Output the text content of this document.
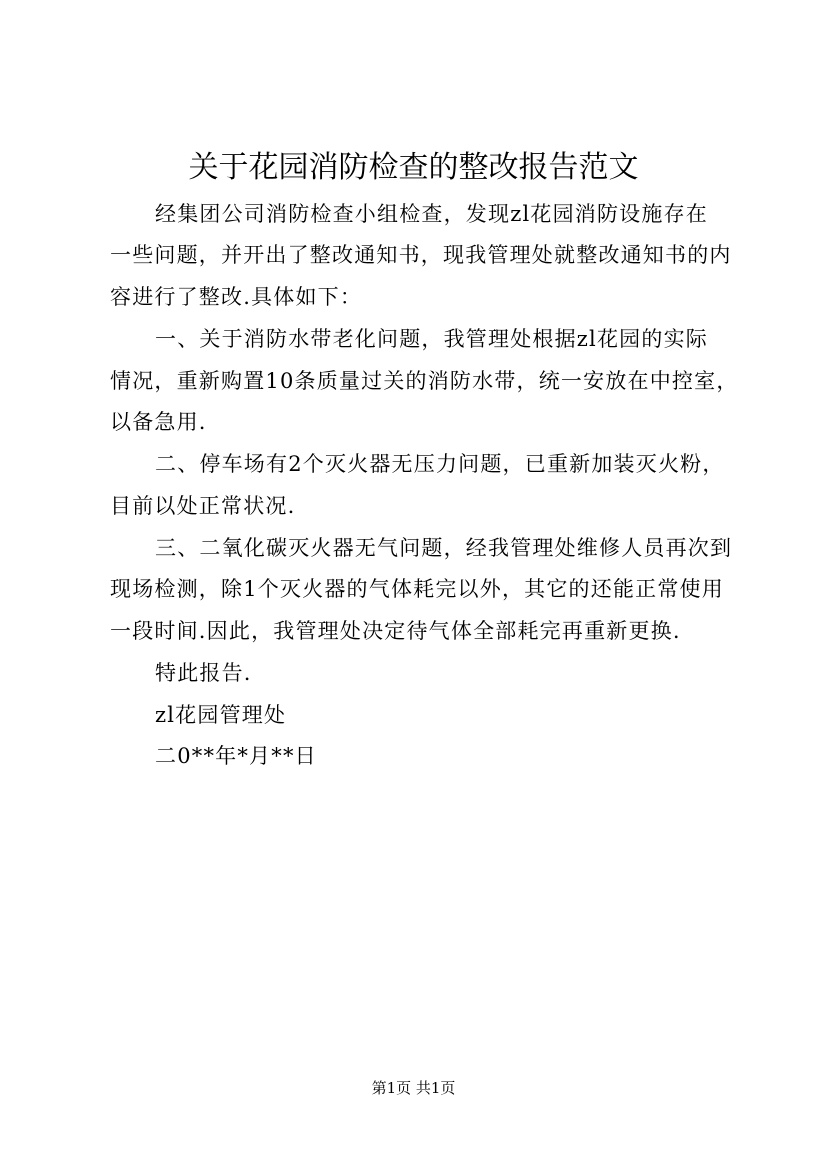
关于花园消防检查的整改报告范文
经集团公司消防检查小组检查，发现zl花园消防设施存在
一些问题，并开出了整改通知书，现我管理处就整改通知书的内
容进行了整改.具体如下：
一、关于消防水带老化问题，我管理处根据zl花园的实际
情况，重新购置10条质量过关的消防水带，统一安放在中控室，
以备急用.
二、停车场有2个灭火器无压力问题，已重新加装灭火粉，
目前以处正常状况.
三、二氧化碳灭火器无气问题，经我管理处维修人员再次到
现场检测，除1个灭火器的气体耗完以外，其它的还能正常使用
一段时间.因此，我管理处决定待气体全部耗完再重新更换.
特此报告.
zl花园管理处
二0**年*月**日
第1页 共1页
